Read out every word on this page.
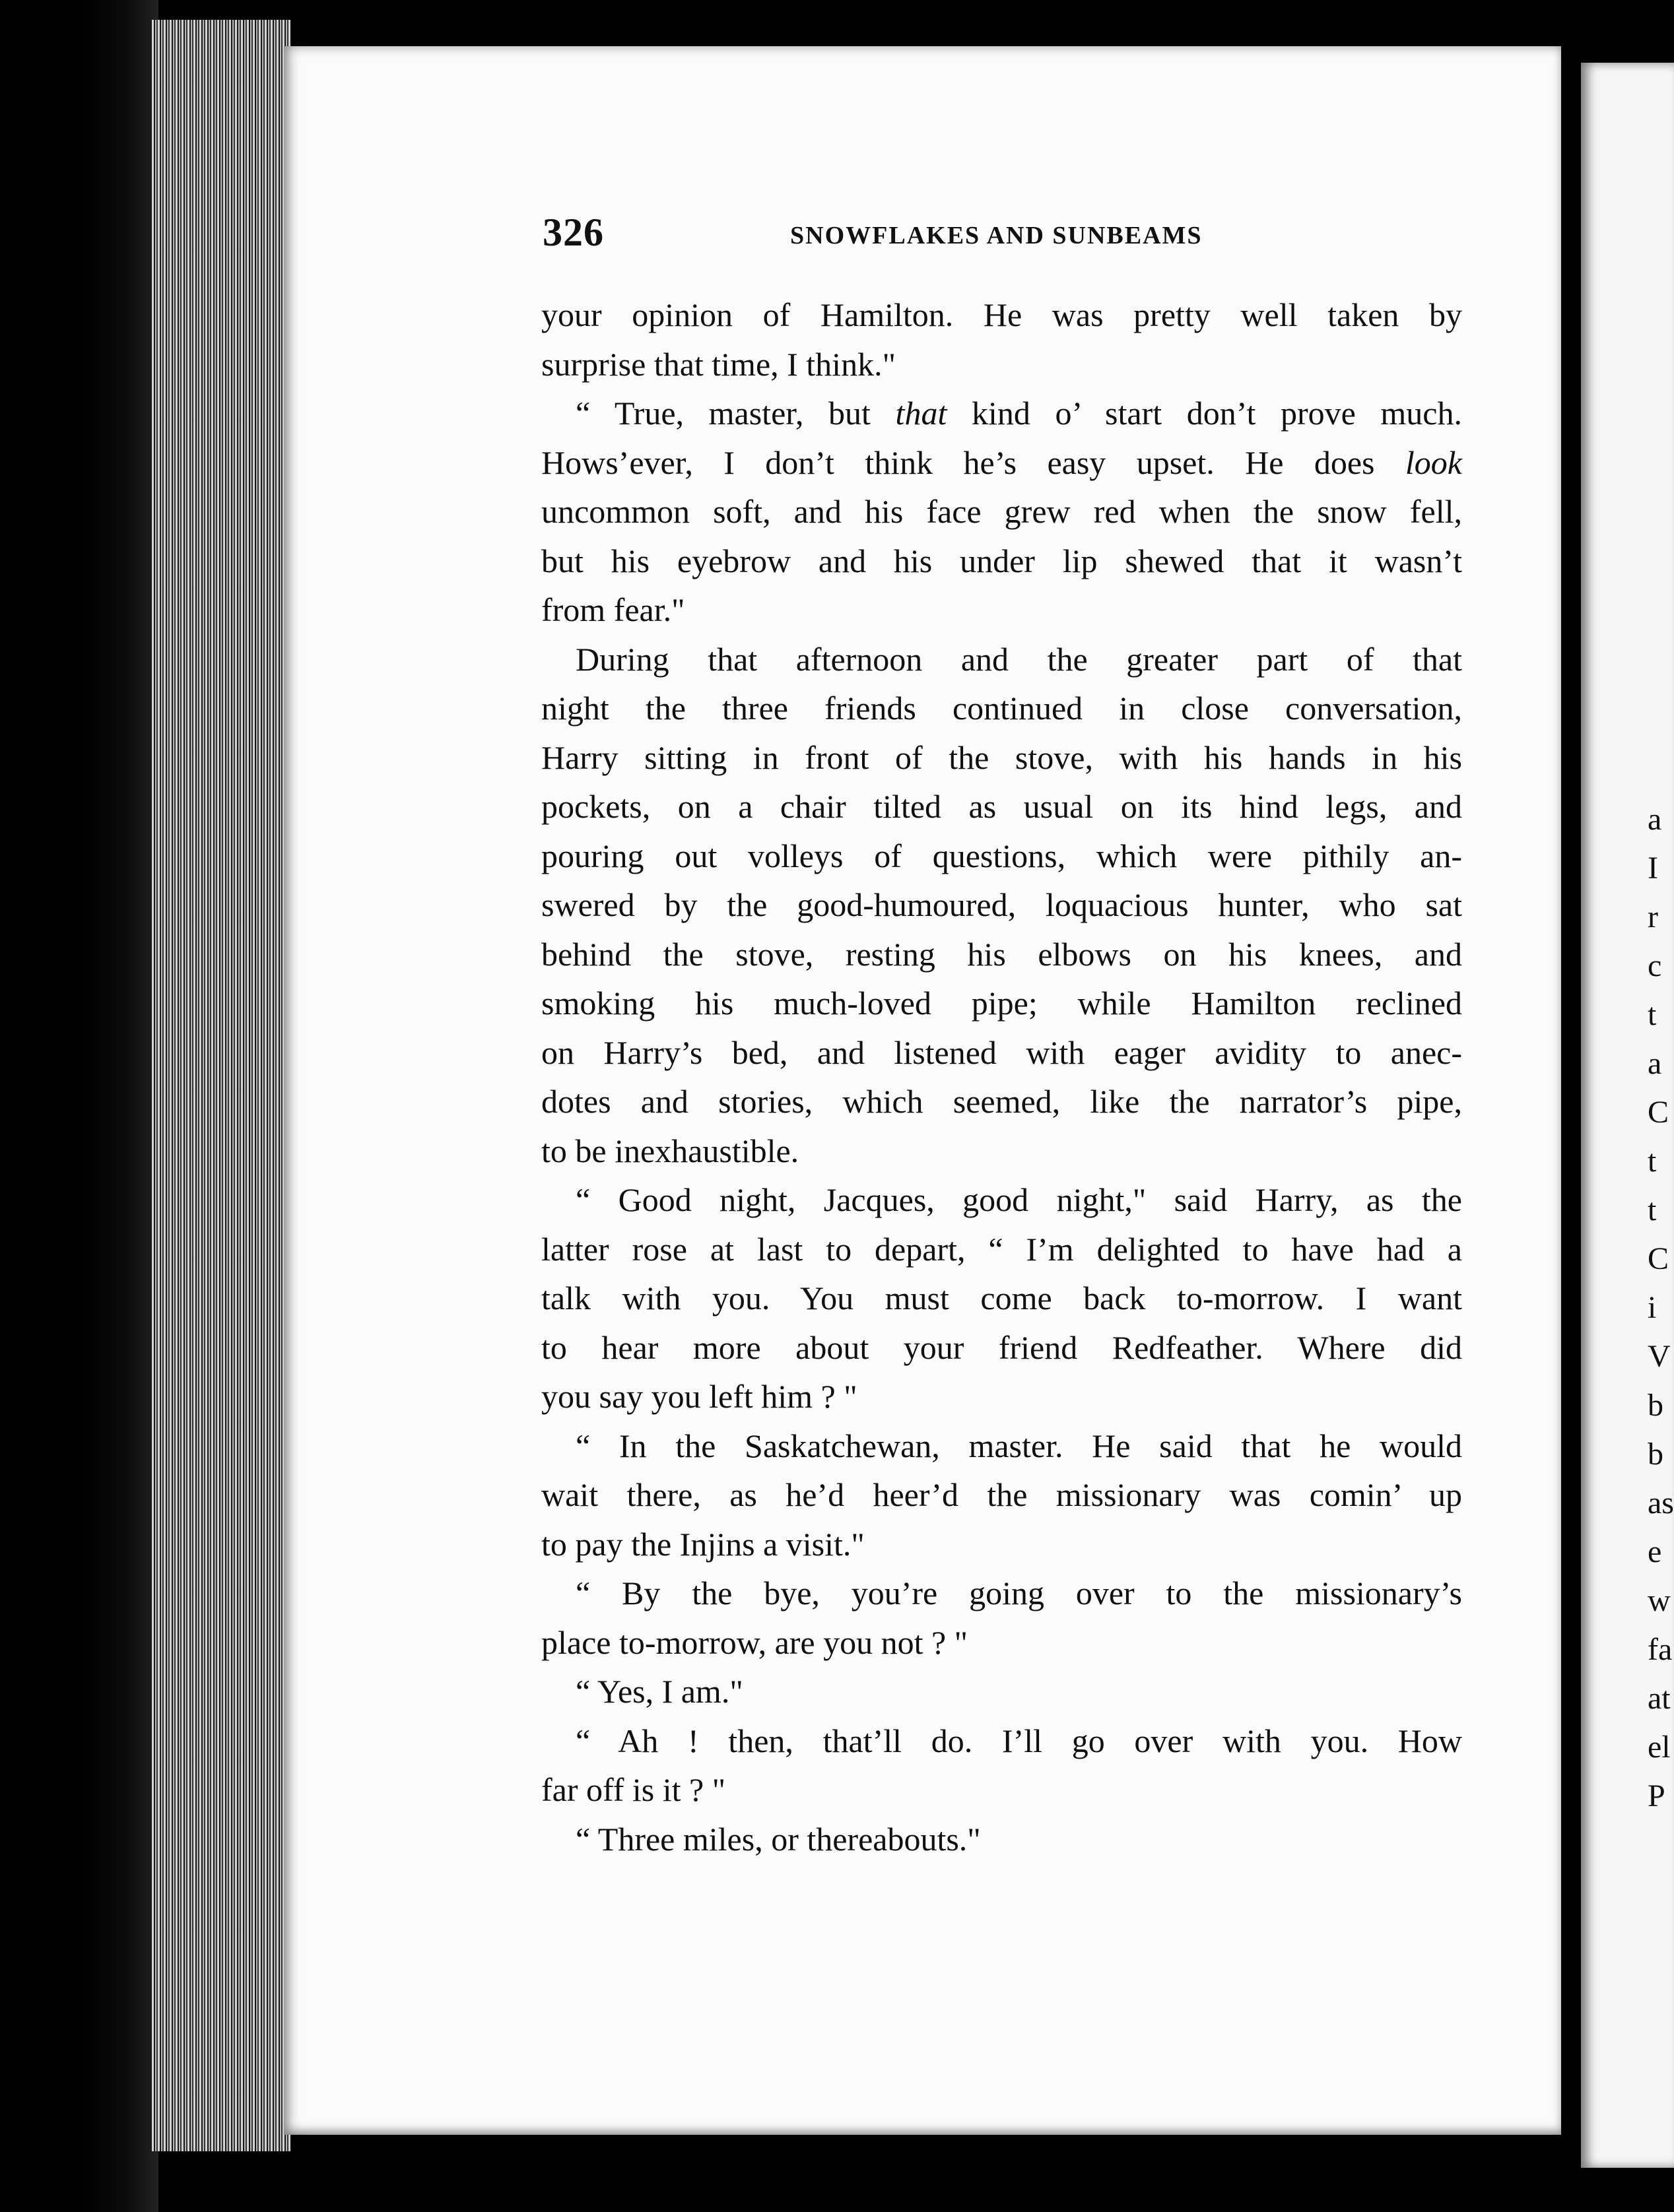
a
I
r
c
t
a
C
t
t
C
i
V
b
b
as
e
w
fa
at
el
P
326	SNOWFLAKES AND SUNBEAMS
your opinion of Hamilton. He was pretty well taken by
surprise that time, I think."
“ True, master, but that kind o’ start don’t prove much.
Hows’ever, I don’t think he’s easy upset. He does look
uncommon soft, and his face grew red when the snow fell,
but his eyebrow and his under lip shewed that it wasn’t
from fear."
During that afternoon and the greater part of that
night the three friends continued in close conversation,
Harry sitting in front of the stove, with his hands in his
pockets, on a chair tilted as usual on its hind legs, and
pouring out volleys of questions, which were pithily an-
swered by the good-humoured, loquacious hunter, who sat
behind the stove, resting his elbows on his knees, and
smoking his much-loved pipe; while Hamilton reclined
on Harry’s bed, and listened with eager avidity to anec-
dotes and stories, which seemed, like the narrator’s pipe,
to be inexhaustible.
“ Good night, Jacques, good night," said Harry, as the
latter rose at last to depart, “ I’m delighted to have had a
talk with you. You must come back to-morrow. I want
to hear more about your friend Redfeather. Where did
you say you left him ? "
“ In the Saskatchewan, master. He said that he would
wait there, as he’d heer’d the missionary was comin’ up
to pay the Injins a visit."
“ By the bye, you’re going over to the missionary’s
place to-morrow, are you not ? "
“ Yes, I am."
“ Ah ! then, that’ll do. I’ll go over with you. How
far off is it ? "
“ Three miles, or thereabouts."
